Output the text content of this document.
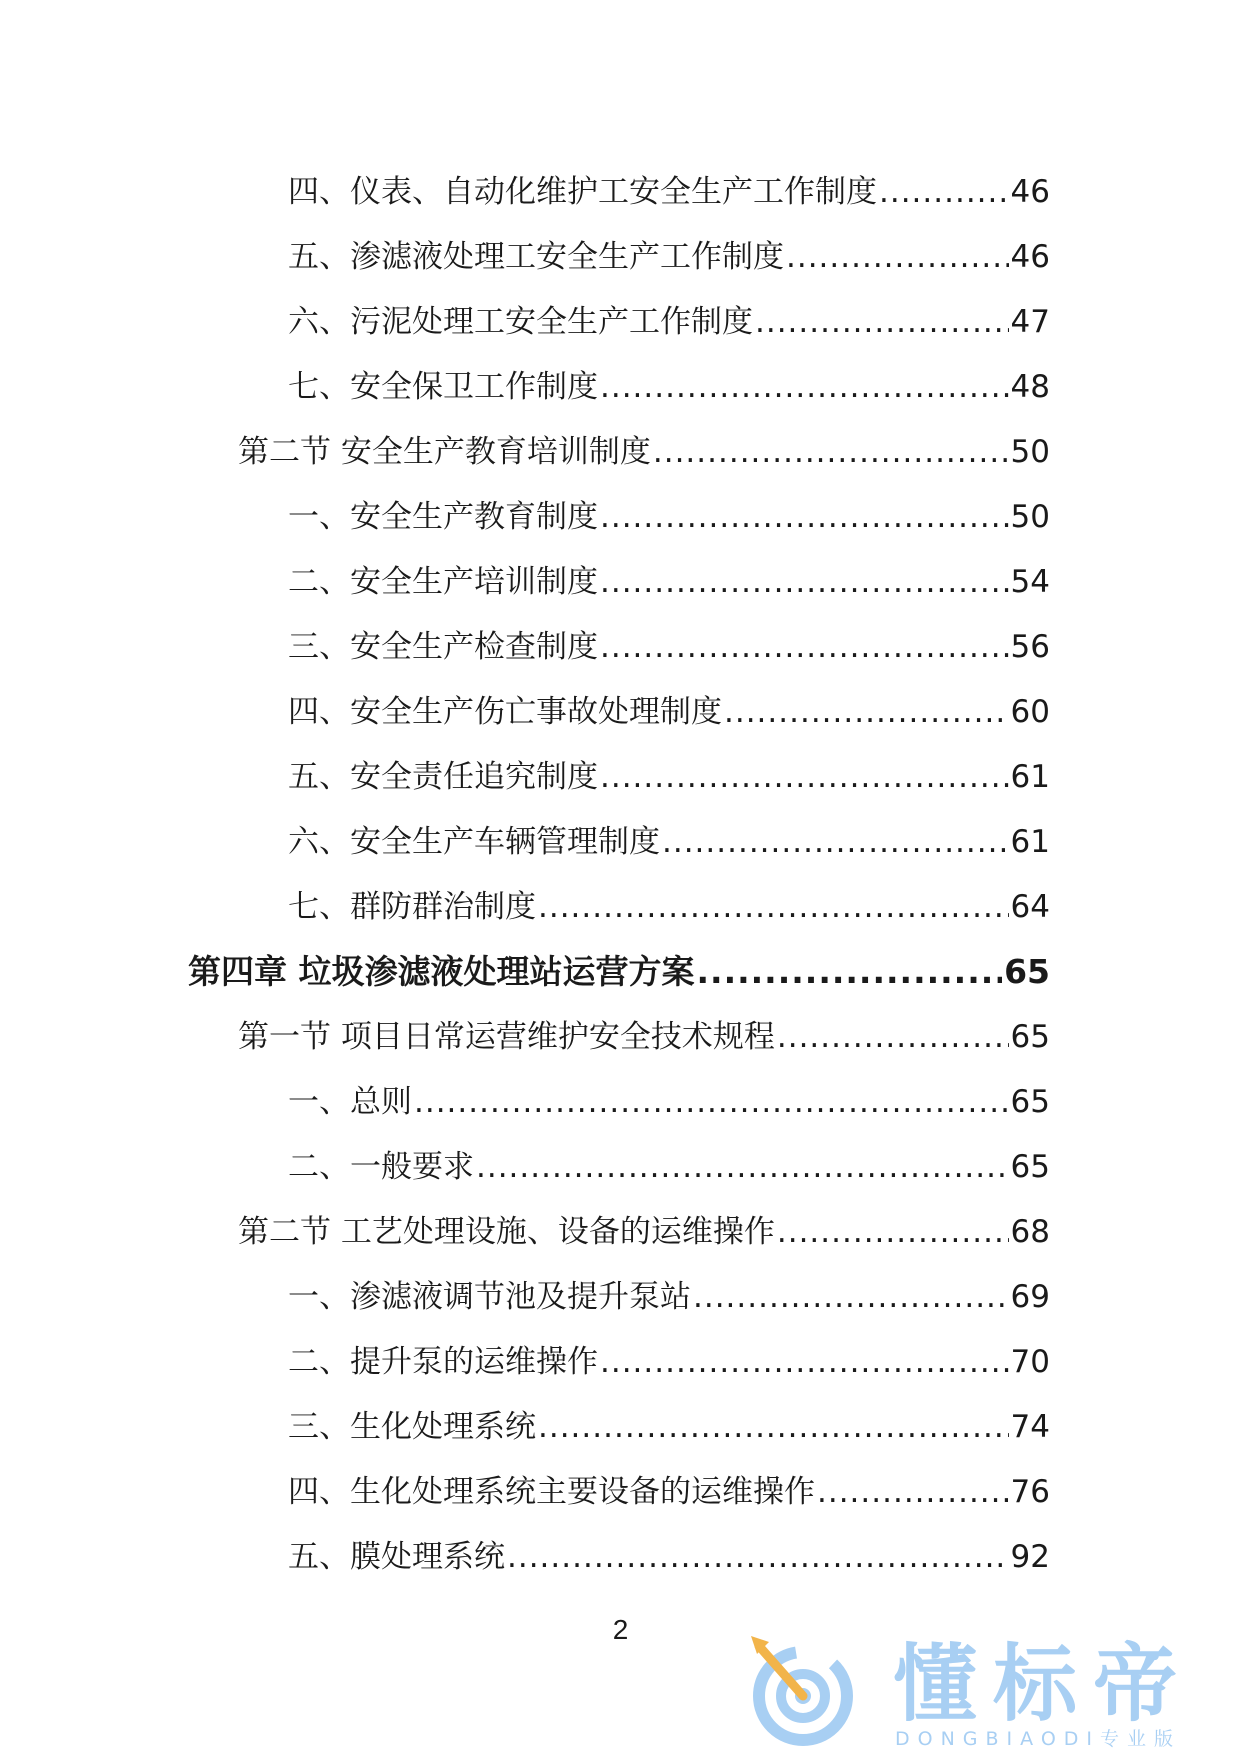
四、仪表、自动化维护工安全生产工作制度 .....	46
五、渗滤液处理工安全生产工作制度 .....	46
六、污泥处理工安全生产工作制度 .....	47
七、安全保卫工作制度 .....	48
第二节 安全生产教育培训制度 .....	50
一、安全生产教育制度 .....	50
二、安全生产培训制度 .....	54
三、安全生产检查制度 .....	56
四、安全生产伤亡事故处理制度 .....	60
五、安全责任追究制度 .....	61
六、安全生产车辆管理制度 .....	61
七、群防群治制度 .....	64
第四章 垃圾渗滤液处理站运营方案 .....	65
第一节 项目日常运营维护安全技术规程 .....	65
一、总则 .....	65
二、一般要求 .....	65
第二节 工艺处理设施、设备的运维操作 .....	68
一、渗滤液调节池及提升泵站 .....	69
二、提升泵的运维操作 .....	70
三、生化处理系统 .....	74
四、生化处理系统主要设备的运维操作 .....	76
五、膜处理系统 .....	92
2
懂标帝
DONGBIAODI专业版
